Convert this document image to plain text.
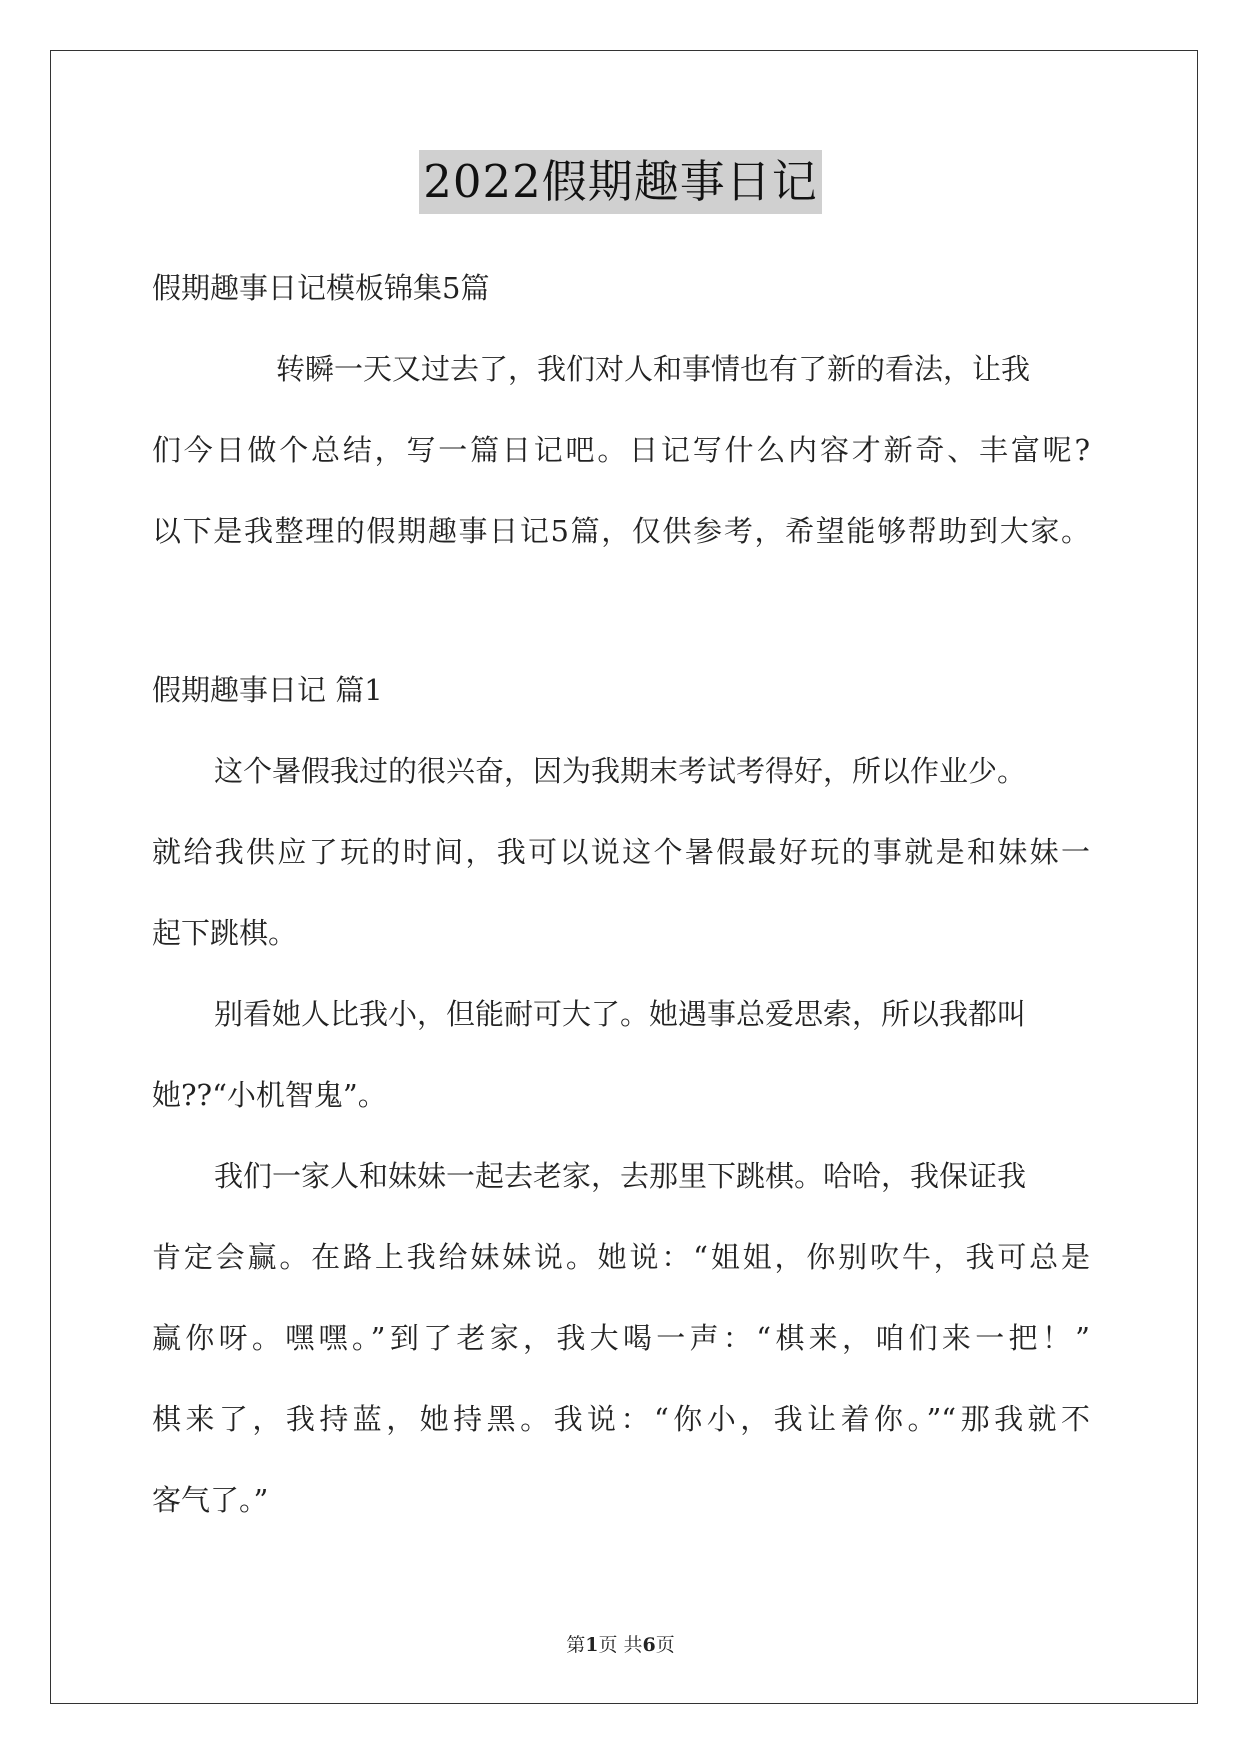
2022假期趣事日记
假期趣事日记模板锦集5篇
转瞬一天又过去了，我们对人和事情也有了新的看法，让我
们今日做个总结，写一篇日记吧。日记写什么内容才新奇、丰富呢?
以下是我整理的假期趣事日记5篇，仅供参考，希望能够帮助到大家。
假期趣事日记 篇1
这个暑假我过的很兴奋，因为我期末考试考得好，所以作业少。
就给我供应了玩的时间，我可以说这个暑假最好玩的事就是和妹妹一
起下跳棋。
别看她人比我小，但能耐可大了。她遇事总爱思索，所以我都叫
她??“小机智鬼”。
我们一家人和妹妹一起去老家，去那里下跳棋。哈哈，我保证我
肯定会赢。在路上我给妹妹说。她说：“姐姐，你别吹牛，我可总是
赢你呀。嘿嘿。”到了老家，我大喝一声：“棋来，咱们来一把！”
棋来了，我持蓝，她持黑。我说：“你小，我让着你。”“那我就不
客气了。”
第1页 共6页
